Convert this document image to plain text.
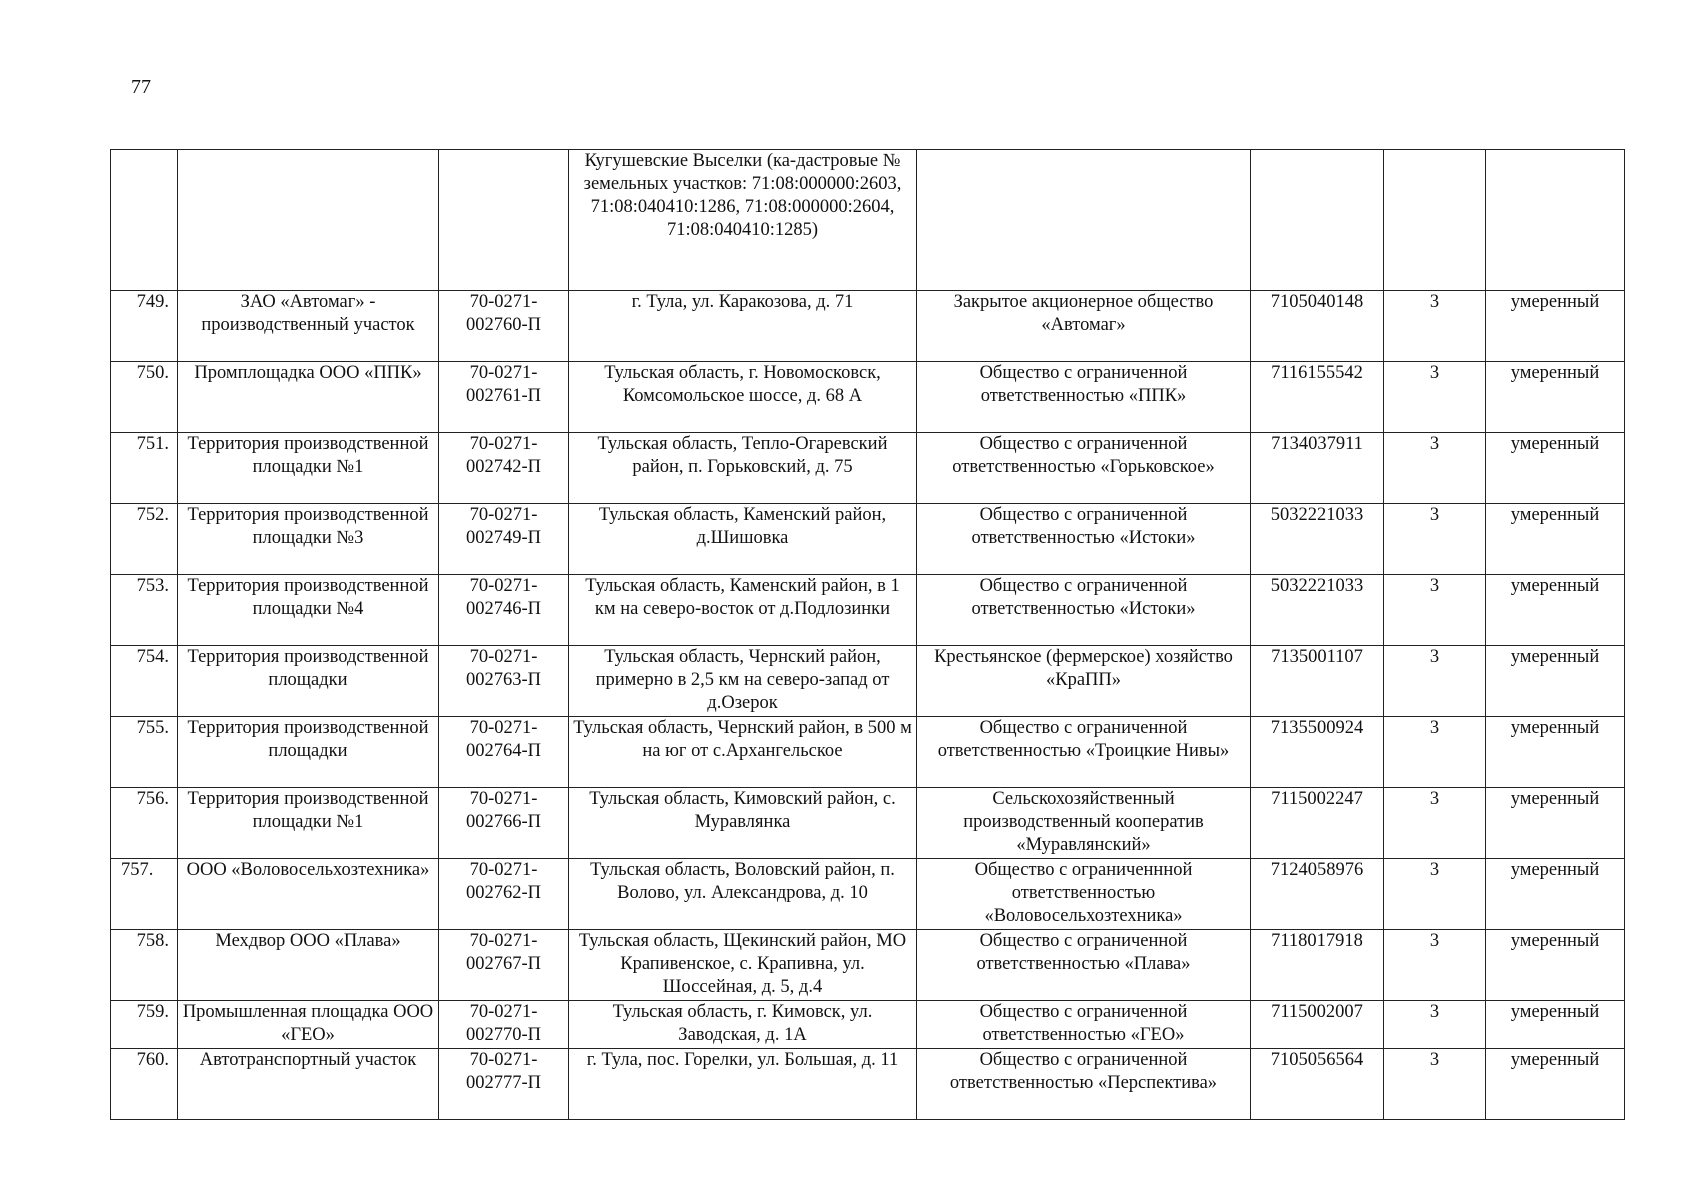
77
			Кугушевские Выселки (ка-дастровые № земельных участков: 71:08:000000:2603, 71:08:040410:1286, 71:08:000000:2604, 71:08:040410:1285)				
749.	ЗАО «Автомаг» - производственный участок	70-0271-002760-П	г. Тула, ул. Каракозова, д. 71	Закрытое акционерное общество «Автомаг»	7105040148	3	умеренный
750.	Промплощадка ООО «ППК»	70-0271-002761-П	Тульская область, г. Новомосковск, Комсомольское шоссе, д. 68 А	Общество с ограниченной ответственностью «ППК»	7116155542	3	умеренный
751.	Территория производственной площадки №1	70-0271-002742-П	Тульская область, Тепло-Огаревский район, п. Горьковский, д. 75	Общество с ограниченной ответственностью «Горьковское»	7134037911	3	умеренный
752.	Территория производственной площадки №3	70-0271-002749-П	Тульская область, Каменский район, д.Шишовка	Общество с ограниченной ответственностью «Истоки»	5032221033	3	умеренный
753.	Территория производственной площадки №4	70-0271-002746-П	Тульская область, Каменский район, в 1 км на северо-восток от д.Подлозинки	Общество с ограниченной ответственностью «Истоки»	5032221033	3	умеренный
754.	Территория производственной площадки	70-0271-002763-П	Тульская область, Чернский район, примерно в 2,5 км на северо-запад от д.Озерок	Крестьянское (фермерское) хозяйство «КраПП»	7135001107	3	умеренный
755.	Территория производственной площадки	70-0271-002764-П	Тульская область, Чернский район, в 500 м на юг от с.Архангельское	Общество с ограниченной ответственностью «Троицкие Нивы»	7135500924	3	умеренный
756.	Территория производственной площадки №1	70-0271-002766-П	Тульская область, Кимовский район, с. Муравлянка	Сельскохозяйственный производственный кооператив «Муравлянский»	7115002247	3	умеренный
757.	ООО «Воловосельхозтехника»	70-0271-002762-П	Тульская область, Воловский район, п. Волово, ул. Александрова, д. 10	Общество с ограниченнной ответственностью «Воловосельхозтехника»	7124058976	3	умеренный
758.	Мехдвор ООО «Плава»	70-0271-002767-П	Тульская область, Щекинский район, МО Крапивенское, с. Крапивна, ул. Шоссейная, д. 5, д.4	Общество с ограниченной ответственностью «Плава»	7118017918	3	умеренный
759.	Промышленная площадка ООО «ГЕО»	70-0271-002770-П	Тульская область, г. Кимовск, ул. Заводская, д. 1А	Общество с ограниченной ответственностью «ГЕО»	7115002007	3	умеренный
760.	Автотранспортный участок	70-0271-002777-П	г. Тула, пос. Горелки, ул. Большая, д. 11	Общество с ограниченной ответственностью «Перспектива»	7105056564	3	умеренный
